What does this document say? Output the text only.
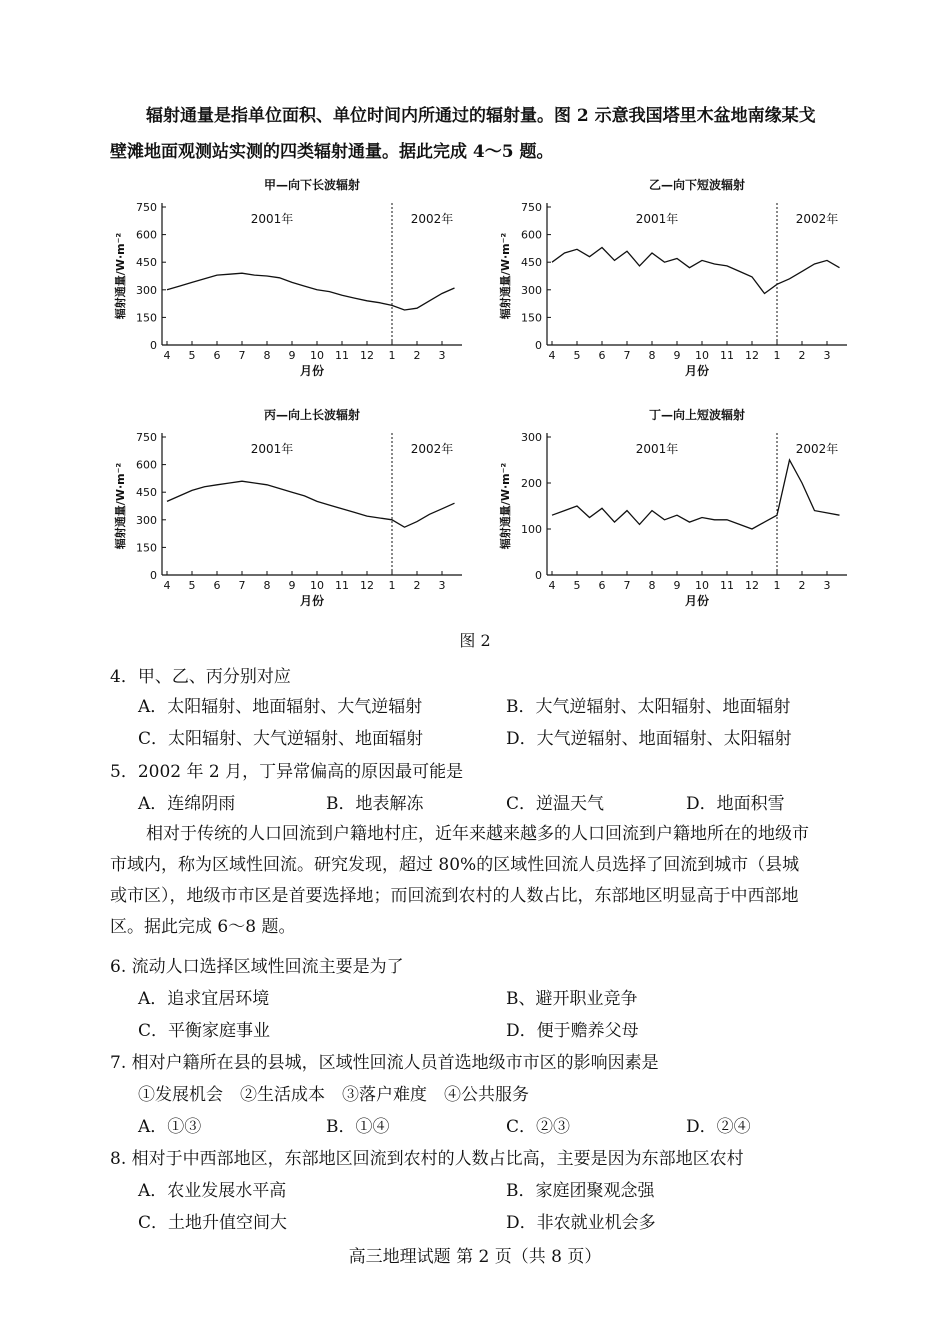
辐射通量是指单位面积、单位时间内所通过的辐射量。图 2 示意我国塔里木盆地南缘某戈
壁滩地面观测站实测的四类辐射通量。据此完成 4～5 题。
甲—向下长波辐射
辐射通量/W·m⁻²
月份
0
150
300
450
600
750
4 5 6 7 8 9 10 11 12 1 2 3
2001年	2002年
乙—向下短波辐射
辐射通量/W·m⁻²
月份
0
150
300
450
600
750
4 5 6 7 8 9 10 11 12 1 2 3
2001年	2002年
丙—向上长波辐射
辐射通量/W·m⁻²
月份
0
150
300
450
600
750
4 5 6 7 8 9 10 11 12 1 2 3
2001年	2002年
丁—向上短波辐射
辐射通量/W·m⁻²
月份
0
100
200
300
4 5 6 7 8 9 10 11 12 1 2 3
2001年	2002年
图 2
4．甲、乙、丙分别对应
A．太阳辐射、地面辐射、大气逆辐射	B．大气逆辐射、太阳辐射、地面辐射
C．太阳辐射、大气逆辐射、地面辐射	D．大气逆辐射、地面辐射、太阳辐射
5．2002 年 2 月，丁异常偏高的原因最可能是
A．连绵阴雨	B．地表解冻	C．逆温天气	D．地面积雪
相对于传统的人口回流到户籍地村庄，近年来越来越多的人口回流到户籍地所在的地级市
市域内，称为区域性回流。研究发现，超过 80%的区域性回流人员选择了回流到城市（县城
或市区），地级市市区是首要选择地；而回流到农村的人数占比，东部地区明显高于中西部地
区。据此完成 6～8 题。
6. 流动人口选择区域性回流主要是为了
A．追求宜居环境	B、避开职业竞争
C．平衡家庭事业	D．便于赡养父母
7. 相对户籍所在县的县城，区域性回流人员首选地级市市区的影响因素是
①发展机会　②生活成本　③落户难度　④公共服务
A．①③	B．①④	C．②③	D．②④
8. 相对于中西部地区，东部地区回流到农村的人数占比高，主要是因为东部地区农村
A．农业发展水平高	B．家庭团聚观念强
C．土地升值空间大	D．非农就业机会多
高三地理试题 第 2 页（共 8 页）
